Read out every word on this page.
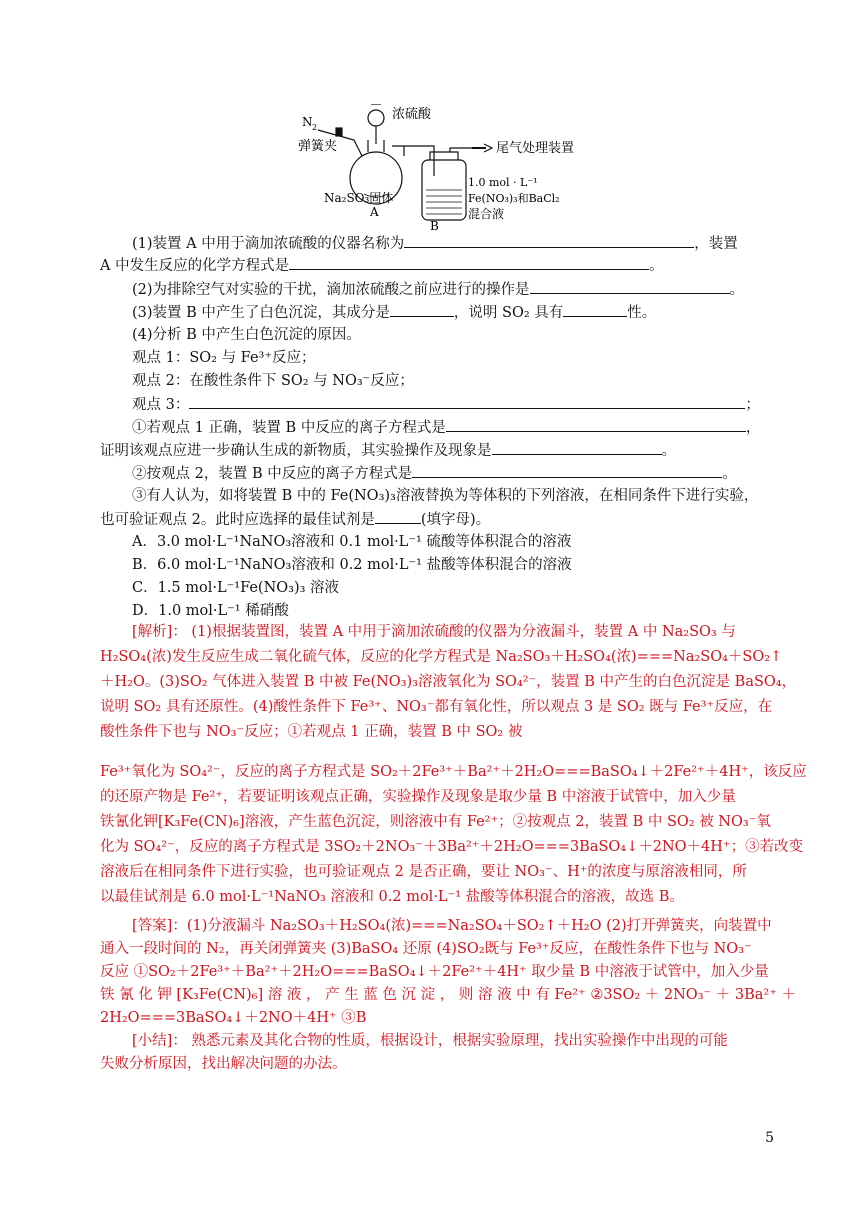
N 2
弹簧夹
浓硫酸
尾气处理装置
Na₂SO₃固体
A
B
1.0 mol · L⁻¹
Fe(NO₃)₃和BaCl₂
混合液
(1)装置 A 中用于滴加浓硫酸的仪器名称为	，装置
A 中发生反应的化学方程式是	。
(2)为排除空气对实验的干扰，滴加浓硫酸之前应进行的操作是	。
(3)装置 B 中产生了白色沉淀，其成分是	，说明 SO₂ 具有	性。
(4)分析 B 中产生白色沉淀的原因。
观点 1：SO₂ 与 Fe³⁺反应；
观点 2：在酸性条件下 SO₂ 与 NO₃⁻反应；
观点 3：	；
①若观点 1 正确，装置 B 中反应的离子方程式是	，
证明该观点应进一步确认生成的新物质，其实验操作及现象是	。
②按观点 2，装置 B 中反应的离子方程式是	。
③有人认为，如将装置 B 中的 Fe(NO₃)₃溶液替换为等体积的下列溶液，在相同条件下进行实验，
也可验证观点 2。此时应选择的最佳试剂是	(填字母)。
A．3.0 mol·L⁻¹NaNO₃溶液和 0.1 mol·L⁻¹ 硫酸等体积混合的溶液
B．6.0 mol·L⁻¹NaNO₃溶液和 0.2 mol·L⁻¹ 盐酸等体积混合的溶液
C．1.5 mol·L⁻¹Fe(NO₃)₃ 溶液
D．1.0 mol·L⁻¹ 稀硝酸
[解析]： (1)根据装置图，装置 A 中用于滴加浓硫酸的仪器为分液漏斗，装置 A 中 Na₂SO₃ 与
H₂SO₄(浓)发生反应生成二氧化硫气体，反应的化学方程式是 Na₂SO₃＋H₂SO₄(浓)===Na₂SO₄＋SO₂↑
＋H₂O。(3)SO₂ 气体进入装置 B 中被 Fe(NO₃)₃溶液氧化为 SO₄²⁻，装置 B 中产生的白色沉淀是 BaSO₄，
说明 SO₂ 具有还原性。(4)酸性条件下 Fe³⁺、NO₃⁻都有氧化性，所以观点 3 是 SO₂ 既与 Fe³⁺反应，在
酸性条件下也与 NO₃⁻反应；①若观点 1 正确，装置 B 中 SO₂ 被
Fe³⁺氧化为 SO₄²⁻，反应的离子方程式是 SO₂＋2Fe³⁺＋Ba²⁺＋2H₂O===BaSO₄↓＋2Fe²⁺＋4H⁺，该反应
的还原产物是 Fe²⁺，若要证明该观点正确，实验操作及现象是取少量 B 中溶液于试管中，加入少量
铁氰化钾[K₃Fe(CN)₆]溶液，产生蓝色沉淀，则溶液中有 Fe²⁺；②按观点 2，装置 B 中 SO₂ 被 NO₃⁻氧
化为 SO₄²⁻，反应的离子方程式是 3SO₂＋2NO₃⁻＋3Ba²⁺＋2H₂O===3BaSO₄↓＋2NO＋4H⁺；③若改变
溶液后在相同条件下进行实验，也可验证观点 2 是否正确，要让 NO₃⁻、H⁺的浓度与原溶液相同，所
以最佳试剂是 6.0 mol·L⁻¹NaNO₃ 溶液和 0.2 mol·L⁻¹ 盐酸等体积混合的溶液，故选 B。
[答案]：(1)分液漏斗 Na₂SO₃＋H₂SO₄(浓)===Na₂SO₄＋SO₂↑＋H₂O (2)打开弹簧夹，向装置中
通入一段时间的 N₂，再关闭弹簧夹 (3)BaSO₄ 还原 (4)SO₂既与 Fe³⁺反应，在酸性条件下也与 NO₃⁻
反应 ①SO₂＋2Fe³⁺＋Ba²⁺＋2H₂O===BaSO₄↓＋2Fe²⁺＋4H⁺ 取少量 B 中溶液于试管中，加入少量
铁 氰 化 钾 [K₃Fe(CN)₆] 溶 液 ， 产 生 蓝 色 沉 淀 ， 则 溶 液 中 有 Fe²⁺ ②3SO₂ ＋ 2NO₃⁻ ＋ 3Ba²⁺ ＋
2H₂O===3BaSO₄↓＋2NO＋4H⁺ ③B
[小结]： 熟悉元素及其化合物的性质，根据设计，根据实验原理，找出实验操作中出现的可能
失败分析原因，找出解决问题的办法。
5
